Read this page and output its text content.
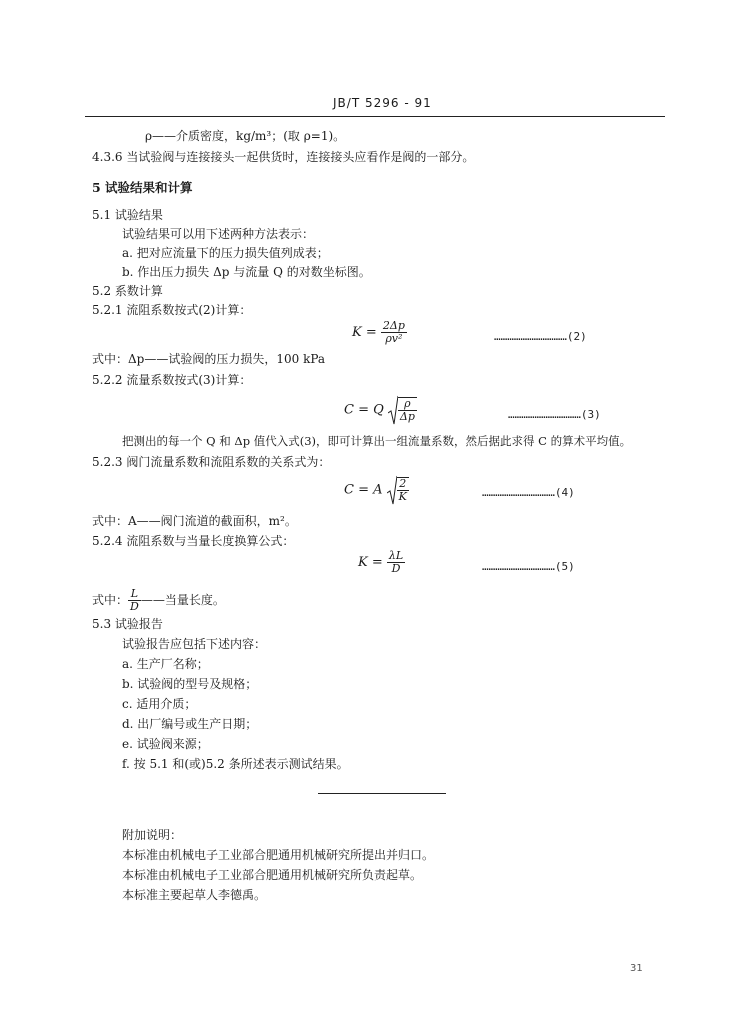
JB/T 5296 - 91
ρ——介质密度，kg/m³；(取 ρ=1)。
4.3.6 当试验阀与连接接头一起供货时，连接接头应看作是阀的一部分。
5 试验结果和计算
5.1 试验结果
试验结果可以用下述两种方法表示：
a. 把对应流量下的压力损失值列成表；
b. 作出压力损失 Δp 与流量 Q 的对数坐标图。
5.2 系数计算
5.2.1 流阻系数按式(2)计算：
$K = \frac{2\Delta p}{\text{ρv²}}$	……………………………(2)
式中：Δp——试验阀的压力损失，100 kPa
5.2.2 流量系数按式(3)计算：
C = Q $\frac{\rho}{\Delta p}$	……………………………(3)
把测出的每一个 Q 和 Δp 值代入式(3)，即可计算出一组流量系数，然后据此求得 C 的算术平均值。
5.2.3 阀门流量系数和流阻系数的关系式为：
C = A $\frac{2}{K}$	……………………………(4)
式中：A——阀门流道的截面积，m²。
5.2.4 流阻系数与当量长度换算公式：
$K = \frac{\lambda L}{D}$	……………………………(5)
式中： $\frac{L}{D}$ ——当量长度。
5.3 试验报告
试验报告应包括下述内容：
a. 生产厂名称；
b. 试验阀的型号及规格；
c. 适用介质；
d. 出厂编号或生产日期；
e. 试验阀来源；
f. 按 5.1 和(或)5.2 条所述表示测试结果。
附加说明：
本标准由机械电子工业部合肥通用机械研究所提出并归口。
本标准由机械电子工业部合肥通用机械研究所负责起草。
本标准主要起草人李德禹。
31
